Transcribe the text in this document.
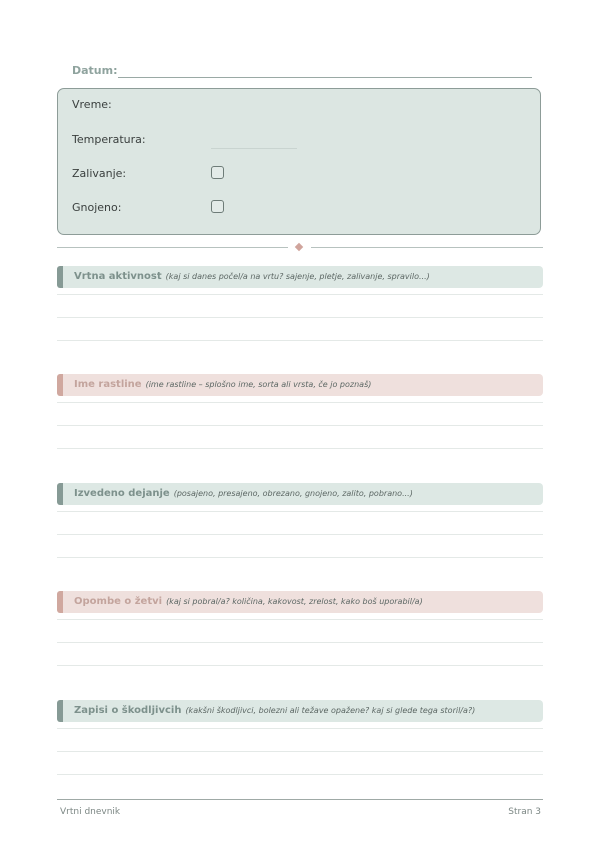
Datum:
Vreme:
Temperatura:
Zalivanje:
Gnojeno:
Vrtna aktivnost (kaj si danes počel/a na vrtu? sajenje, pletje, zalivanje, spravilo...)
Ime rastline (ime rastline – splošno ime, sorta ali vrsta, če jo poznaš)
Izvedeno dejanje (posajeno, presajeno, obrezano, gnojeno, zalito, pobrano...)
Opombe o žetvi (kaj si pobral/a? količina, kakovost, zrelost, kako boš uporabil/a)
Zapisi o škodljivcih (kakšni škodljivci, bolezni ali težave opažene? kaj si glede tega storil/a?)
Vrtni dnevnik	Stran 3
